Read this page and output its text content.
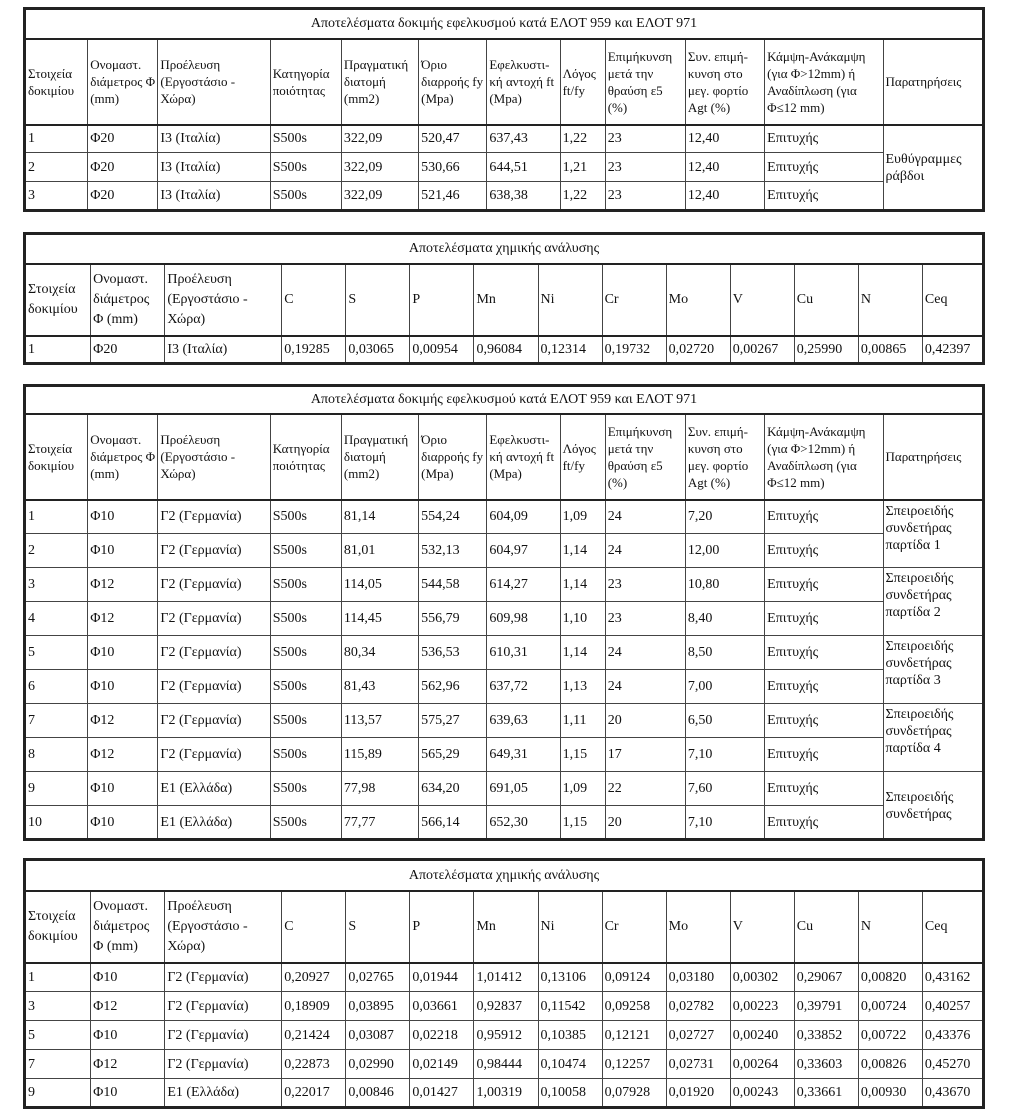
Αποτελέσματα δοκιμής εφελκυσμού κατά ΕΛΟΤ 959 και ΕΛΟΤ 971											
Στοιχεία δοκιμίου	Ονομαστ. διάμετρος Φ (mm)	Προέλευση (Εργοστάσιο - Χώρα)	Κατηγορία ποιότητας	Πραγματική διατομή (mm2)	Όριο διαρροής fy (Mpa)	Εφελκυστι-κή αντοχή ft (Mpa)	Λόγος ft/fy	Επιμήκυνση μετά την θραύση ε5 (%)	Συν. επιμή-κυνση στο μεγ. φορτίο Agt (%)	Κάμψη-Ανάκαμψη (για Φ>12mm) ή Αναδίπλωση (για Φ≤12 mm)	Παρατηρήσεις
1	Φ20	Ι3 (Ιταλία)	S500s	322,09	520,47	637,43	1,22	23	12,40	Επιτυχής	Ευθύγραμμες ράβδοι
2	Φ20	Ι3 (Ιταλία)	S500s	322,09	530,66	644,51	1,21	23	12,40	Επιτυχής	
3	Φ20	Ι3 (Ιταλία)	S500s	322,09	521,46	638,38	1,22	23	12,40	Επιτυχής	
Αποτελέσματα χημικής ανάλυσης													
Στοιχεία δοκιμίου	Ονομαστ. διάμετρος Φ (mm)	Προέλευση (Εργοστάσιο - Χώρα)	C	S	P	Mn	Ni	Cr	Mo	V	Cu	N	Ceq
1	Φ20	Ι3 (Ιταλία)	0,19285	0,03065	0,00954	0,96084	0,12314	0,19732	0,02720	0,00267	0,25990	0,00865	0,42397
Αποτελέσματα δοκιμής εφελκυσμού κατά ΕΛΟΤ 959 και ΕΛΟΤ 971											
Στοιχεία δοκιμίου	Ονομαστ. διάμετρος Φ (mm)	Προέλευση (Εργοστάσιο - Χώρα)	Κατηγορία ποιότητας	Πραγματική διατομή (mm2)	Όριο διαρροής fy (Mpa)	Εφελκυστι-κή αντοχή ft (Mpa)	Λόγος ft/fy	Επιμήκυνση μετά την θραύση ε5 (%)	Συν. επιμή-κυνση στο μεγ. φορτίο Agt (%)	Κάμψη-Ανάκαμψη (για Φ>12mm) ή Αναδίπλωση (για Φ≤12 mm)	Παρατηρήσεις
1	Φ10	Γ2 (Γερμανία)	S500s	81,14	554,24	604,09	1,09	24	7,20	Επιτυχής	Σπειροειδής συνδετήρας παρτίδα 1
2	Φ10	Γ2 (Γερμανία)	S500s	81,01	532,13	604,97	1,14	24	12,00	Επιτυχής	
3	Φ12	Γ2 (Γερμανία)	S500s	114,05	544,58	614,27	1,14	23	10,80	Επιτυχής	Σπειροειδής συνδετήρας παρτίδα 2
4	Φ12	Γ2 (Γερμανία)	S500s	114,45	556,79	609,98	1,10	23	8,40	Επιτυχής	
5	Φ10	Γ2 (Γερμανία)	S500s	80,34	536,53	610,31	1,14	24	8,50	Επιτυχής	Σπειροειδής συνδετήρας παρτίδα 3
6	Φ10	Γ2 (Γερμανία)	S500s	81,43	562,96	637,72	1,13	24	7,00	Επιτυχής	
7	Φ12	Γ2 (Γερμανία)	S500s	113,57	575,27	639,63	1,11	20	6,50	Επιτυχής	Σπειροειδής συνδετήρας παρτίδα 4
8	Φ12	Γ2 (Γερμανία)	S500s	115,89	565,29	649,31	1,15	17	7,10	Επιτυχής	
9	Φ10	Ε1 (Ελλάδα)	S500s	77,98	634,20	691,05	1,09	22	7,60	Επιτυχής	Σπειροειδής συνδετήρας
10	Φ10	Ε1 (Ελλάδα)	S500s	77,77	566,14	652,30	1,15	20	7,10	Επιτυχής	
Αποτελέσματα χημικής ανάλυσης													
Στοιχεία δοκιμίου	Ονομαστ. διάμετρος Φ (mm)	Προέλευση (Εργοστάσιο - Χώρα)	C	S	P	Mn	Ni	Cr	Mo	V	Cu	N	Ceq
1	Φ10	Γ2 (Γερμανία)	0,20927	0,02765	0,01944	1,01412	0,13106	0,09124	0,03180	0,00302	0,29067	0,00820	0,43162
3	Φ12	Γ2 (Γερμανία)	0,18909	0,03895	0,03661	0,92837	0,11542	0,09258	0,02782	0,00223	0,39791	0,00724	0,40257
5	Φ10	Γ2 (Γερμανία)	0,21424	0,03087	0,02218	0,95912	0,10385	0,12121	0,02727	0,00240	0,33852	0,00722	0,43376
7	Φ12	Γ2 (Γερμανία)	0,22873	0,02990	0,02149	0,98444	0,10474	0,12257	0,02731	0,00264	0,33603	0,00826	0,45270
9	Φ10	Ε1 (Ελλάδα)	0,22017	0,00846	0,01427	1,00319	0,10058	0,07928	0,01920	0,00243	0,33661	0,00930	0,43670
